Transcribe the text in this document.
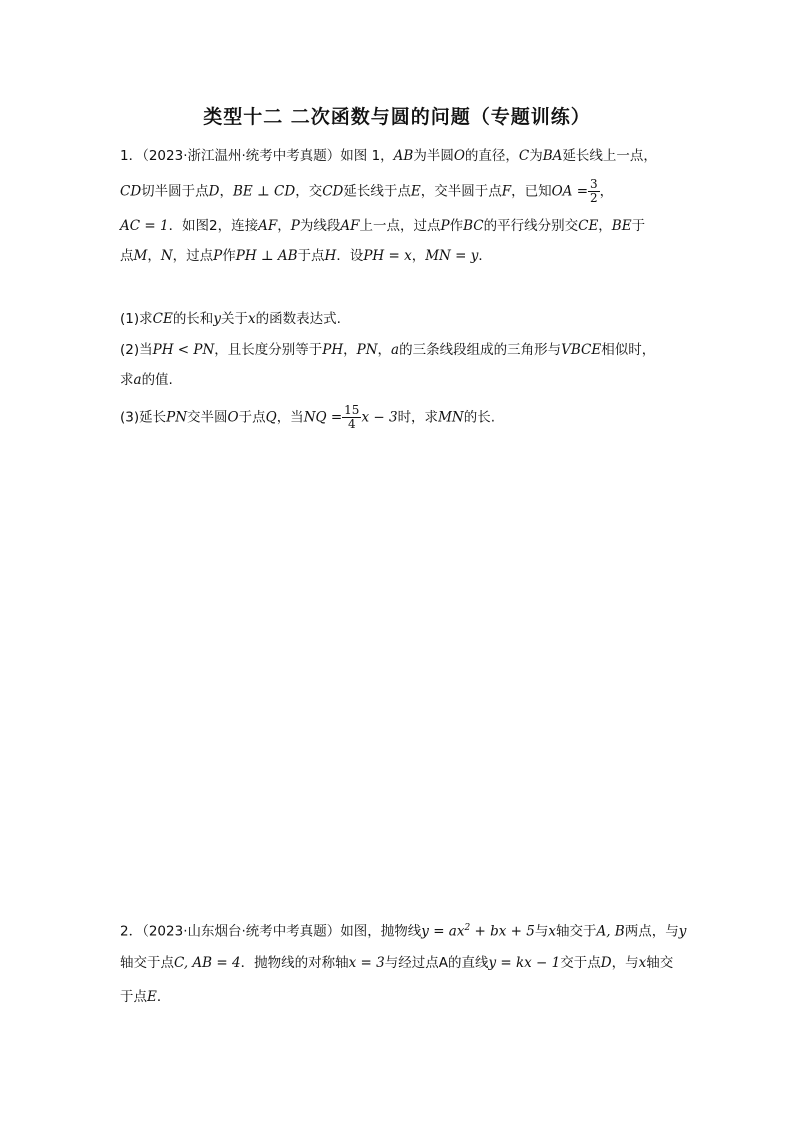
类型十二 二次函数与圆的问题（专题训练）
1．（2023·浙江温州·统考中考真题）如图 1，AB为半圆O的直径，C为BA延长线上一点，
CD切半圆于点D，BE ⊥ CD，交CD延长线于点E，交半圆于点F，已知OA = $\frac{3}{2}$ ，
AC = 1．如图2，连接AF，P为线段AF上一点，过点P作BC的平行线分别交CE，BE于
点M，N，过点P作PH ⊥ AB于点H．设PH = x，MN = y．
(1)求CE的长和y关于x的函数表达式.
(2)当PH < PN，且长度分别等于PH，PN，a的三条线段组成的三角形与VBCE相似时，
求a的值.
(3)延长PN交半圆O于点Q，当NQ = $\frac{15}{4}$ x − 3时，求MN的长.
2．（2023·山东烟台·统考中考真题）如图，抛物线$y = ax^2$ + bx + 5与x轴交于A, B两点，与y
轴交于点C, AB = 4．抛物线的对称轴x = 3与经过点A的直线y = kx − 1交于点D，与x轴交
于点E．
